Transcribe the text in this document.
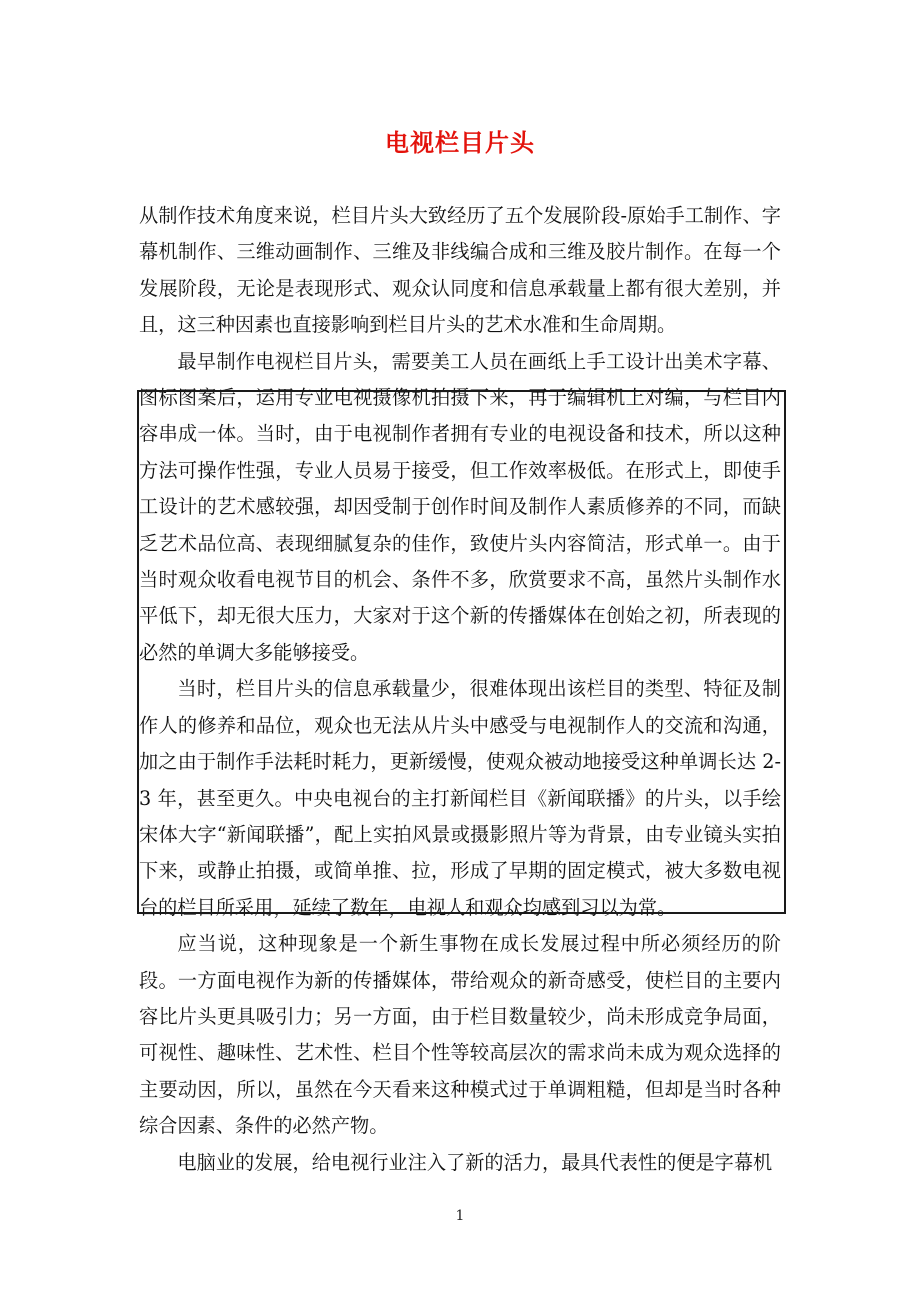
电视栏目片头

从制作技术角度来说，栏目片头大致经历了五个发展阶段-原始手工制作、字幕机制作、三维动画制作、三维及非线编合成和三维及胶片制作。在每一个发展阶段，无论是表现形式、观众认同度和信息承载量上都有很大差别，并且，这三种因素也直接影响到栏目片头的艺术水准和生命周期。

最早制作电视栏目片头，需要美工人员在画纸上手工设计出美术字幕、图标图案后，运用专业电视摄像机拍摄下来，再于编辑机上对编，与栏目内容串成一体。当时，由于电视制作者拥有专业的电视设备和技术，所以这种方法可操作性强，专业人员易于接受，但工作效率极低。在形式上，即使手工设计的艺术感较强，却因受制于创作时间及制作人素质修养的不同，而缺乏艺术品位高、表现细腻复杂的佳作，致使片头内容简洁，形式单一。由于当时观众收看电视节目的机会、条件不多，欣赏要求不高，虽然片头制作水平低下，却无很大压力，大家对于这个新的传播媒体在创始之初，所表现的必然的单调大多能够接受。

当时，栏目片头的信息承载量少，很难体现出该栏目的类型、特征及制作人的修养和品位，观众也无法从片头中感受与电视制作人的交流和沟通，加之由于制作手法耗时耗力，更新缓慢，使观众被动地接受这种单调长达 2-3 年，甚至更久。中央电视台的主打新闻栏目《新闻联播》的片头，以手绘宋体大字“新闻联播”，配上实拍风景或摄影照片等为背景，由专业镜头实拍下来，或静止拍摄，或简单推、拉，形成了早期的固定模式，被大多数电视台的栏目所采用，延续了数年，电视人和观众均感到习以为常。

应当说，这种现象是一个新生事物在成长发展过程中所必须经历的阶段。一方面电视作为新的传播媒体，带给观众的新奇感受，使栏目的主要内容比片头更具吸引力；另一方面，由于栏目数量较少，尚未形成竞争局面，可视性、趣味性、艺术性、栏目个性等较高层次的需求尚未成为观众选择的主要动因，所以，虽然在今天看来这种模式过于单调粗糙，但却是当时各种综合因素、条件的必然产物。

电脑业的发展，给电视行业注入了新的活力，最具代表性的便是字幕机

1
